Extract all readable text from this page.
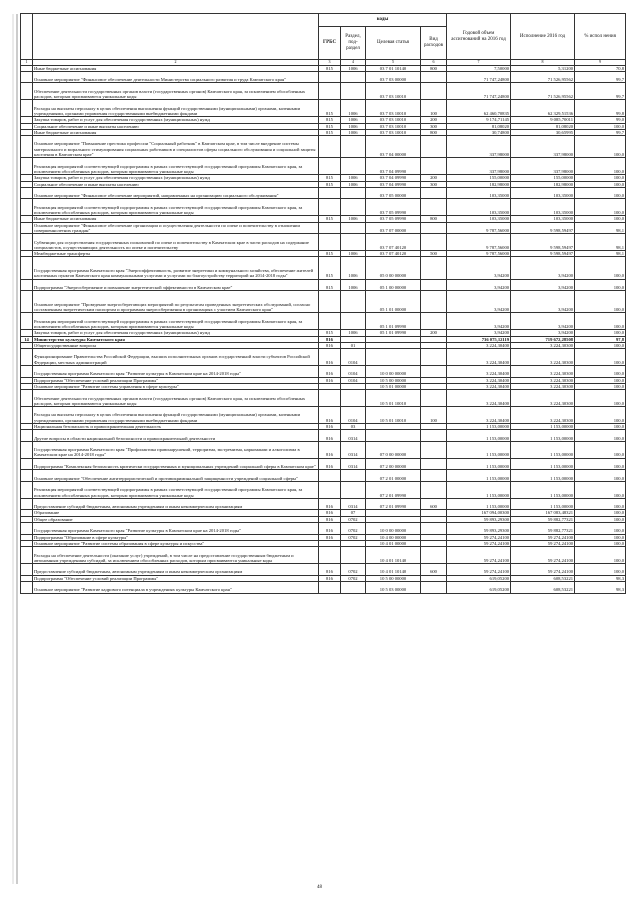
		коды				Годовой объем ассигнований на 2016 год	Исполнение 2016 год	% испол нения
		ГРБС	Раздел, под-раздел	Целевая статья	Вид расходов			
1	2	3	4	5	6	7	8	9
	Иные бюджетные ассигнования	815	1006	03 7 01 10140	800	7,50000	5,31200	70,8
	Основное мероприятие "Финансовое обеспечение деятельности Министерства социального развития и труда Камчатского края"			03 7 03 00000		71 747,24800	71 526,95562	99,7
	Обеспечение деятельности государственных органов власти (государственных органов) Камчатского края, за исключением обособленных расходов, которым присваиваются уникальные коды			03 7 03 10010		71 747,24800	71 526,95562	99,7
	Расходы на выплаты персоналу в целях обеспечения выполнения функций государственными (муниципальными) органами, казенными учреждениями, органами управления государственными внебюджетными фондами	815	1006	03 7 03 10010	100	62 460,70835	62 329,51536	99,8
	Закупка товаров, работ и услуг для обеспечения государственных (муниципальных) нужд	815	1006	03 7 03 10010	200	9 174,71145	9 085,70011	99,0
	Социальное обеспечение и иные выплаты населению	815	1006	03 7 03 10010	300	81,08020	81,08020	100,0
	Иные бюджетные ассигнования	815	1006	03 7 03 10010	800	30,74800	30,65995	99,7
	Основное мероприятие "Повышение престижа профессии "Социальный работник" в Камчатском крае, в том числе внедрение системы материального и морального стимулирования социальных работников и специалистов сферы социального обслуживания и социальной защиты населения в Камчатском крае"			03 7 04 00000		337,98000	337,98000	100,0
	Реализация мероприятий соответствующей подпрограммы в рамках соответствующей государственной программы Камчатского края, за исключением обособленных расходов, которым присваиваются уникальные коды			03 7 04 09990		337,98000	337,98000	100,0
	Закупка товаров, работ и услуг для обеспечения государственных (муниципальных) нужд	815	1006	03 7 04 09990	200	155,00000	155,00000	100,0
	Социальное обеспечение и иные выплаты населению	815	1006	03 7 04 09990	300	182,98000	182,98000	100,0
	Основное мероприятие "Финансовое обеспечение мероприятий, направленных на организацию социального обслуживания"			03 7 05 00000		103,35000	103,35000	100,0
	Реализация мероприятий соответствующей подпрограммы в рамках соответствующей государственной программы Камчатского края, за исключением обособленных расходов, которым присваиваются уникальные коды			03 7 05 09990		103,35000	103,35000	100,0
	Иные бюджетные ассигнования	815	1006	03 7 05 09990	800	103,35000	103,35000	100,0
	Основное мероприятие "Финансовое обеспечение организации и осуществления деятельности по опеке и попечительству в отношении совершеннолетних граждан"			03 7 07 00000		9 787,56000	9 598,59497	98,1
	Субвенции для осуществления государственных полномочий по опеке и попечительству в Камчатском крае в части расходов на содержание специалистов, осуществляющих деятельность по опеке и попечительству			03 7 07 40120		9 787,56000	9 598,59497	98,1
	Межбюджетные трансферты	815	1006	03 7 07 40120	500	9 787,56000	9 598,59497	98,1
	Государственная программа Камчатского края "Энергоэффективность, развитие энергетики и коммунального хозяйства, обеспечение жителей населенных пунктов Камчатского края коммунальными услугами и услугами по благоустройству территорий на 2014-2018 годы"	815	1006	05 0 00 00000		3,94200	3,94200	100,0
	Подпрограмма "Энергосбережение и повышение энергетической эффективности в Камчатском крае"	815	1006	05 1 00 00000		3,94200	3,94200	100,0
	Основное мероприятие "Проведение энергосберегающих мероприятий по результатам проведенных энергетических обследований, согласно составленным энергетическим паспортам и программам энергосбережения в организациях с участием Камчатского края"			05 1 01 00000		3,94200	3,94200	100,0
	Реализация мероприятий соответствующей подпрограммы в рамках соответствующей государственной программы Камчатского края, за исключением обособленных расходов, которым присваиваются уникальные коды			05 1 01 09990		3,94200	3,94200	100,0
	Закупка товаров, работ и услуг для обеспечения государственных (муниципальных) нужд	815	1006	05 1 01 09990	200	3,94200	3,94200	100,0
14	Министерство культуры Камчатского края	816				736 075,12119	719 672,28508	97,8
	Общегосударственные вопросы	816	01			3 224,30400	3 224,30300	100,0
	Функционирование Правительства Российской Федерации, высших исполнительных органов государственной власти субъектов Российской Федерации, местных администраций	816	0104			3 224,30400	3 224,30300	100,0
	Государственная программа Камчатского края "Развитие культуры в Камчатском крае на 2014-2018 годы"	816	0104	10 0 00 00000		3 224,30400	3 224,30300	100,0
	Подпрограмма "Обеспечение условий реализации Программы"	816	0104	10 5 00 00000		3 224,30400	3 224,30300	100,0
	Основное мероприятие "Развитие системы управления в сфере культуры"			10 5 01 00000		3 224,30400	3 224,30300	100,0
	Обеспечение деятельности государственных органов власти (государственных органов) Камчатского края, за исключением обособленных расходов, которым присваиваются уникальные коды			10 5 01 10010		3 224,30400	3 224,30300	100,0
	Расходы на выплаты персоналу в целях обеспечения выполнения функций государственными (муниципальными) органами, казенными учреждениями, органами управления государственными внебюджетными фондами	816	0104	10 5 01 10010	100	3 224,30400	3 224,30300	100,0
	Национальная безопасность и правоохранительная деятельность	816	03			1 153,00000	1 153,00000	100,0
	Другие вопросы в области национальной безопасности и правоохранительной деятельности	816	0314			1 153,00000	1 153,00000	100,0
	Государственная программа Камчатского края "Профилактика правонарушений, терроризма, экстремизма, наркомании и алкоголизма в Камчатском крае на 2014-2018 годы"	816	0314	07 0 00 00000		1 153,00000	1 153,00000	100,0
	Подпрограмма "Комплексная безопасность критически государственных и муниципальных учреждений социальной сферы в Камчатском крае"	816	0314	07 2 00 00000		1 153,00000	1 153,00000	100,0
	Основное мероприятие "Обеспечение антитеррористической и противокриминальной защищенности учреждений социальной сферы"			07 2 01 00000		1 153,00000	1 153,00000	100,0
	Реализация мероприятий соответствующей подпрограммы в рамках соответствующей государственной программы Камчатского края, за исключением обособленных расходов, которым присваиваются уникальные коды			07 2 01 09990		1 153,00000	1 153,00000	100,0
	Предоставление субсидий бюджетным, автономным учреждениям и иным некоммерческим организациям	816	0314	07 2 01 09990	600	1 153,00000	1 153,00000	100,0
	Образование	816	07			167 094,00300	167 083,48321	100,0
	Общее образование	816	0702			59 893,29300	59 882,77321	100,0
	Государственная программа Камчатского края "Развитие культуры в Камчатском крае на 2014-2018 годы"	816	0702	10 0 00 00000		59 893,29300	59 882,77321	100,0
	Подпрограмма "Образование в сфере культуры"	816	0702	10 4 00 00000		59 274,24100	59 274,24100	100,0
	Основное мероприятие "Развитие системы образования в сфере культуры и искусства"			10 4 01 00000		59 274,24100	59 274,24100	100,0
	Расходы на обеспечение деятельности (оказание услуг) учреждений, в том числе на предоставление государственным бюджетным и автономным учреждениям субсидий, за исключением обособленных расходов, которым присваиваются уникальные коды			10 4 01 10140		59 274,24100	59 274,24100	100,0
	Предоставление субсидий бюджетным, автономным учреждениям и иным некоммерческим организациям	816	0702	10 4 01 10140	600	59 274,24100	59 274,24100	100,0
	Подпрограмма "Обеспечение условий реализации Программы"	816	0702	10 5 00 00000		619,05200	608,53221	98,3
	Основное мероприятие "Развитие кадрового потенциала в учреждениях культуры Камчатского края"			10 5 03 00000		619,05200	608,53221	98,3
48
